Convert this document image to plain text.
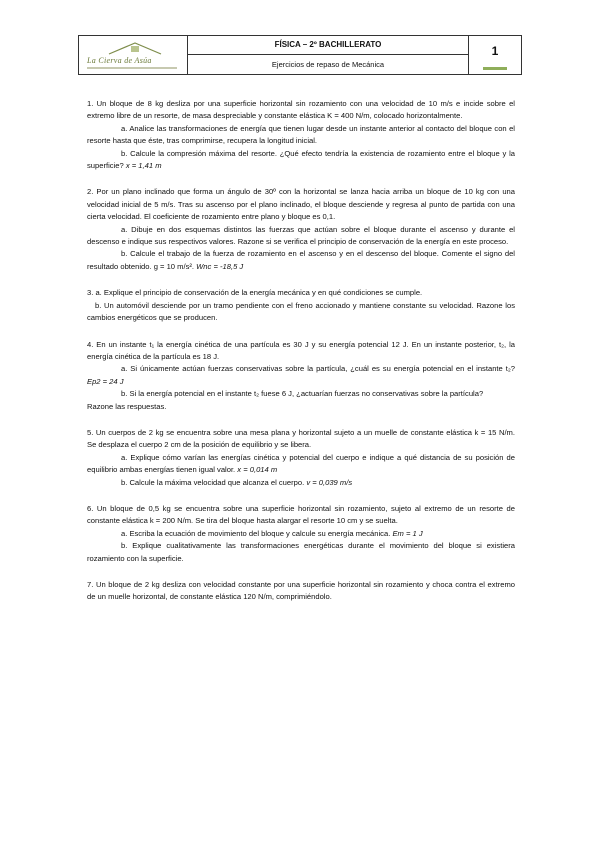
La Cierva de Asúa
FÍSICA – 2º BACHILLERATO
Ejercicios de repaso de Mecánica
1

1. Un bloque de 8 kg desliza por una superficie horizontal sin rozamiento con una velocidad de 10 m/s e incide sobre el extremo libre de un resorte, de masa despreciable y constante elástica K = 400 N/m, colocado horizontalmente.

a. Analice las transformaciones de energía que tienen lugar desde un instante anterior al contacto del bloque con el resorte hasta que éste, tras comprimirse, recupera la longitud inicial.

b. Calcule la compresión máxima del resorte. ¿Qué efecto tendría la existencia de rozamiento entre el bloque y la superficie? x = 1,41 m

2. Por un plano inclinado que forma un ángulo de 30º con la horizontal se lanza hacia arriba un bloque de 10 kg con una velocidad inicial de 5 m/s. Tras su ascenso por el plano inclinado, el bloque desciende y regresa al punto de partida con una cierta velocidad. El coeficiente de rozamiento entre plano y bloque es 0,1.

a. Dibuje en dos esquemas distintos las fuerzas que actúan sobre el bloque durante el ascenso y durante el descenso e indique sus respectivos valores. Razone si se verifica el principio de conservación de la energía en este proceso.

b. Calcule el trabajo de la fuerza de rozamiento en el ascenso y en el descenso del bloque. Comente el signo del resultado obtenido. g = 10 m/s². Wnc = -18,5 J

3. a. Explique el principio de conservación de la energía mecánica y en qué condiciones se cumple.

b. Un automóvil desciende por un tramo pendiente con el freno accionado y mantiene constante su velocidad. Razone los cambios energéticos que se producen.

4. En un instante t₁ la energía cinética de una partícula es 30 J y su energía potencial 12 J. En un instante posterior, t₂, la energía cinética de la partícula es 18 J.

a. Si únicamente actúan fuerzas conservativas sobre la partícula, ¿cuál es su energía potencial en el instante t₂? Ep2 = 24 J

b. Si la energía potencial en el instante t₂ fuese 6 J, ¿actuarían fuerzas no conservativas sobre la partícula?

Razone las respuestas.

5. Un cuerpos de 2 kg se encuentra sobre una mesa plana y horizontal sujeto a un muelle de constante elástica k = 15 N/m. Se desplaza el cuerpo 2 cm de la posición de equilibrio y se libera.

a. Explique cómo varían las energías cinética y potencial del cuerpo e indique a qué distancia de su posición de equilibrio ambas energías tienen igual valor. x = 0,014 m

b. Calcule la máxima velocidad que alcanza el cuerpo. v = 0,039 m/s

6. Un bloque de 0,5 kg se encuentra sobre una superficie horizontal sin rozamiento, sujeto al extremo de un resorte de constante elástica k = 200 N/m. Se tira del bloque hasta alargar el resorte 10 cm y se suelta.

a. Escriba la ecuación de movimiento del bloque y calcule su energía mecánica. Em = 1 J

b. Explique cualitativamente las transformaciones energéticas durante el movimiento del bloque si existiera rozamiento con la superficie.

7. Un bloque de 2 kg desliza con velocidad constante por una superficie horizontal sin rozamiento y choca contra el extremo de un muelle horizontal, de constante elástica 120 N/m, comprimiéndolo.
